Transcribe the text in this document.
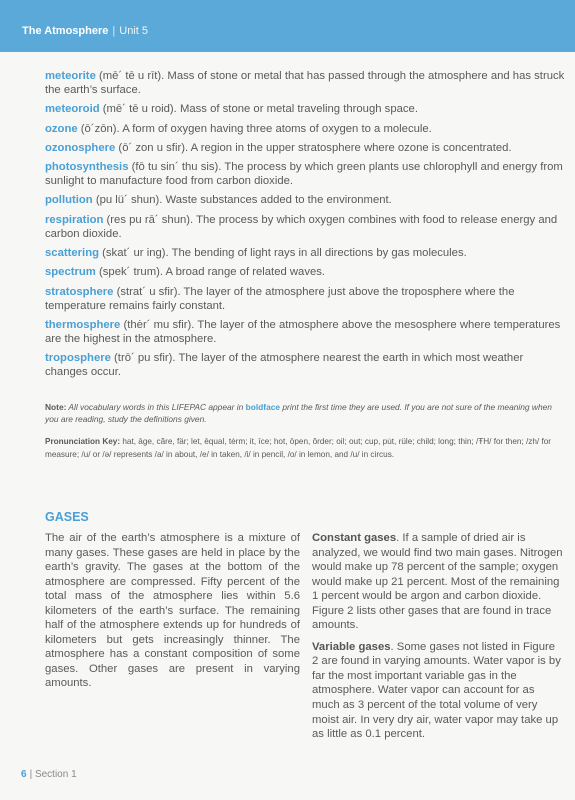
The Atmosphere | Unit 5
meteorite (mē´ tē u rīt). Mass of stone or metal that has passed through the atmosphere and has struck the earth’s surface.
meteoroid (mē´ tē u roid). Mass of stone or metal traveling through space.
ozone (ō´zōn). A form of oxygen having three atoms of oxygen to a molecule.
ozonosphere (ō´ zon u sfir). A region in the upper stratosphere where ozone is concentrated.
photosynthesis (fō tu sin´ thu sis). The process by which green plants use chlorophyll and energy from sunlight to manufacture food from carbon dioxide.
pollution (pu lü´ shun). Waste substances added to the environment.
respiration (res pu rā´ shun). The process by which oxygen combines with food to release energy and carbon dioxide.
scattering (skat´ ur ing). The bending of light rays in all directions by gas molecules.
spectrum (spek´ trum). A broad range of related waves.
stratosphere (strat´ u sfir). The layer of the atmosphere just above the troposphere where the temperature remains fairly constant.
thermosphere (thėr´ mu sfir). The layer of the atmosphere above the mesosphere where temperatures are the highest in the atmosphere.
troposphere (trō´ pu sfir). The layer of the atmosphere nearest the earth in which most weather changes occur.
Note: All vocabulary words in this LIFEPAC appear in boldface print the first time they are used. If you are not sure of the meaning when you are reading, study the definitions given.
Pronunciation Key: hat, āge, cãre, fär; let, ēqual, tėrm; it, īce; hot, ōpen, ôrder; oil; out; cup, pu̇t, rüle; child; long; thin; /ŦH/ for then; /zh/ for measure; /u/ or /ə/ represents /a/ in about, /e/ in taken, /i/ in pencil, /o/ in lemon, and /u/ in circus.
GASES
The air of the earth’s atmosphere is a mixture of many gases. These gases are held in place by the earth’s gravity. The gases at the bottom of the atmosphere are compressed. Fifty percent of the total mass of the atmosphere lies within 5.6 kilometers of the earth’s surface. The remaining half of the atmosphere extends up for hundreds of kilometers but gets increasingly thinner. The atmosphere has a constant composition of some gases. Other gases are present in varying amounts.

Constant gases. If a sample of dried air is analyzed, we would find two main gases. Nitrogen would make up 78 percent of the sample; oxygen would make up 21 percent. Most of the remaining 1 percent would be argon and carbon dioxide. Figure 2 lists other gases that are found in trace amounts.

Variable gases. Some gases not listed in Figure 2 are found in varying amounts. Water vapor is by far the most important variable gas in the atmosphere. Water vapor can account for as much as 3 percent of the total volume of very moist air. In very dry air, water vapor may take up as little as 0.1 percent.

6 | Section 1
